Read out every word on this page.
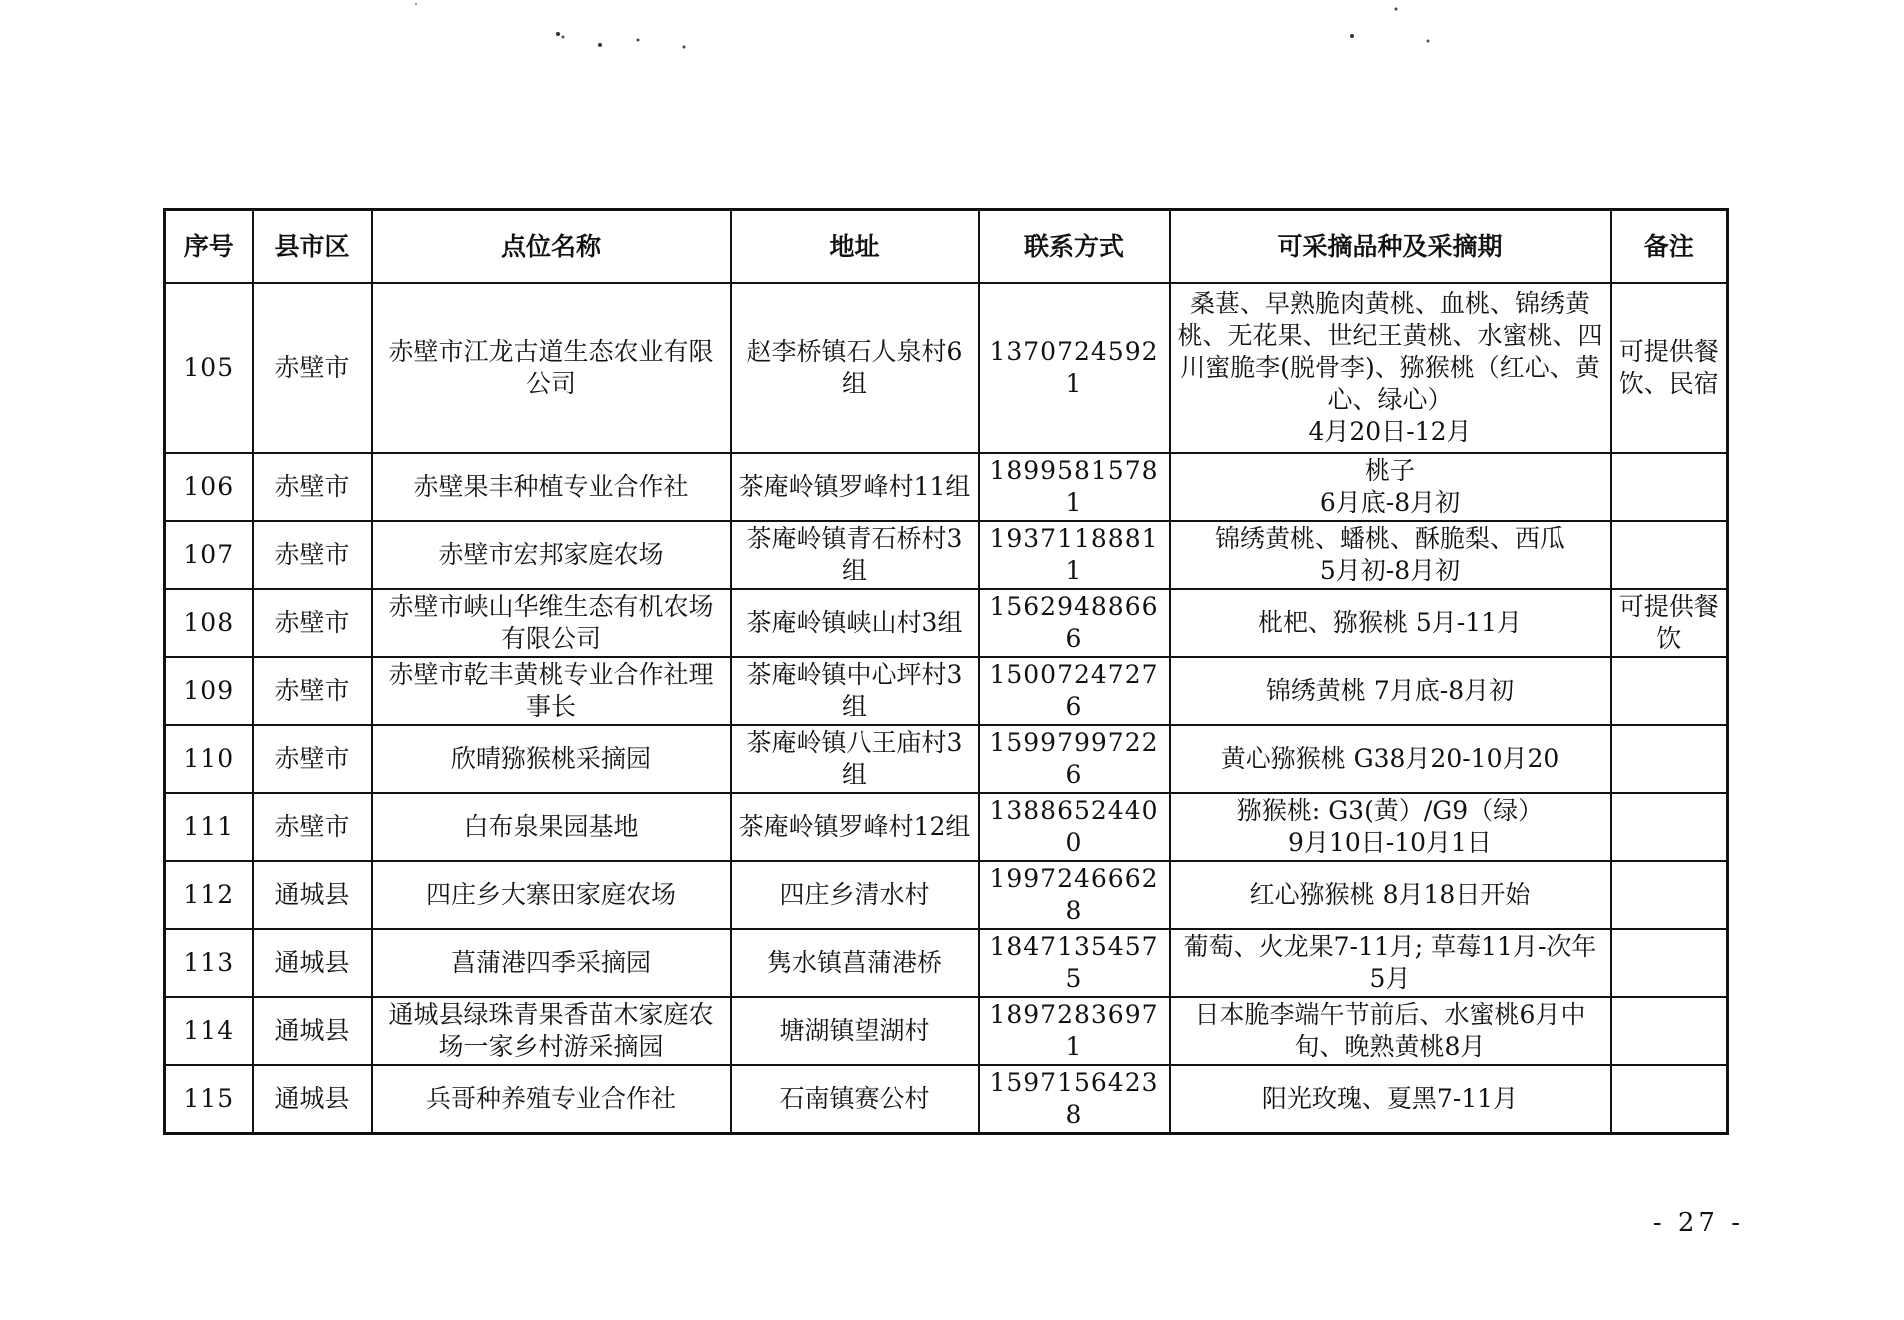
序号	县市区	点位名称	地址	联系方式	可采摘品种及采摘期	备注
105	赤壁市	赤壁市江龙古道生态农业有限公司	赵李桥镇石人泉村6组	13707245921	桑葚、早熟脆肉黄桃、血桃、锦绣黄桃、无花果、世纪王黄桃、水蜜桃、四川蜜脆李(脱骨李)、猕猴桃（红心、黄心、绿心）
4月20日-12月	可提供餐饮、民宿
106	赤壁市	赤壁果丰种植专业合作社	茶庵岭镇罗峰村11组	18995815781	桃子
6月底-8月初	

107	赤壁市	赤壁市宏邦家庭农场	茶庵岭镇青石桥村3组	19371188811	锦绣黄桃、蟠桃、酥脆梨、西瓜
5月初-8月初	

108	赤壁市	赤壁市峡山华维生态有机农场有限公司	茶庵岭镇峡山村3组	15629488666	枇杷、猕猴桃 5月-11月	可提供餐饮
109	赤壁市	赤壁市乾丰黄桃专业合作社理事长	茶庵岭镇中心坪村3组	15007247276	锦绣黄桃 7月底-8月初	

110	赤壁市	欣晴猕猴桃采摘园	茶庵岭镇八王庙村3组	15997997226	黄心猕猴桃 G38月20-10月20	

111	赤壁市	白布泉果园基地	茶庵岭镇罗峰村12组	13886524400	猕猴桃: G3(黄）/G9（绿）
9月10日-10月1日	

112	通城县	四庄乡大寨田家庭农场	四庄乡清水村	19972466628	红心猕猴桃 8月18日开始	

113	通城县	菖蒲港四季采摘园	隽水镇菖蒲港桥	18471354575	葡萄、火龙果7-11月; 草莓11月-次年5月	

114	通城县	通城县绿珠青果香苗木家庭农场一家乡村游采摘园	塘湖镇望湖村	18972836971	日本脆李端午节前后、水蜜桃6月中旬、晚熟黄桃8月	

115	通城县	兵哥种养殖专业合作社	石南镇赛公村	15971564238	阳光玫瑰、夏黑7-11月	

- 27 -
